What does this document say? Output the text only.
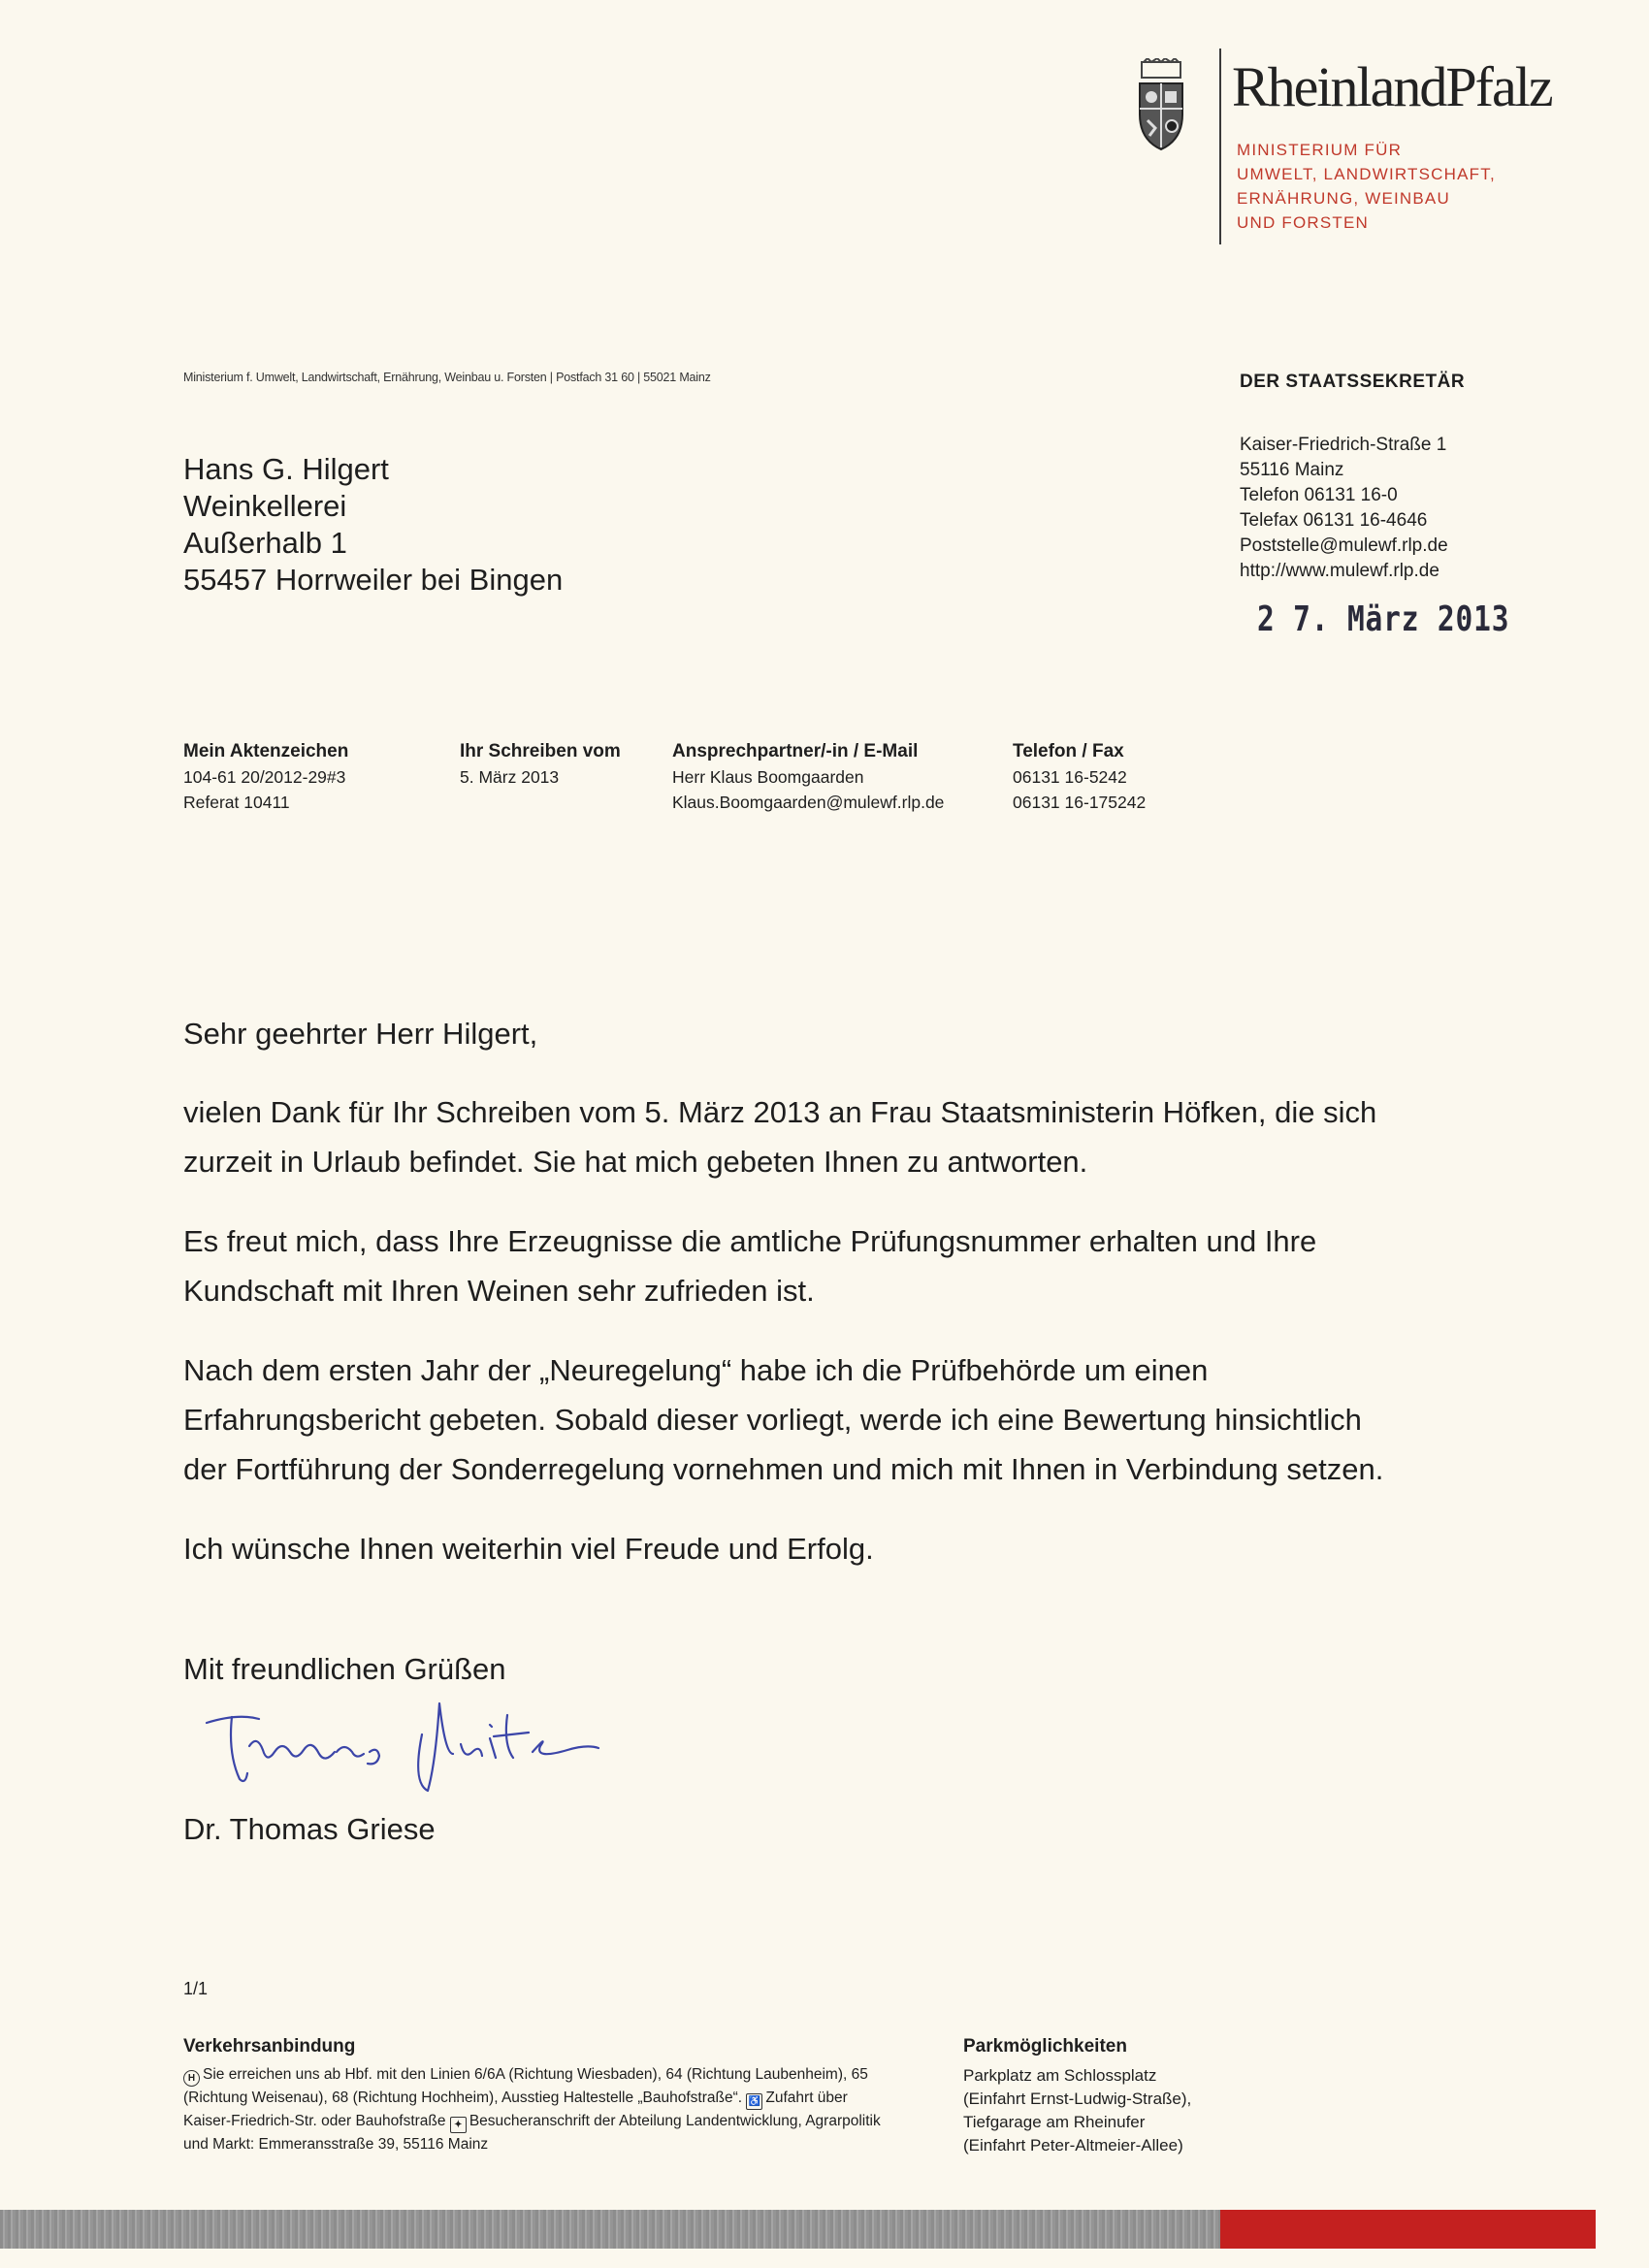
RheinlandPfalz
MINISTERIUM FÜR
UMWELT, LANDWIRTSCHAFT,
ERNÄHRUNG, WEINBAU
UND FORSTEN
Ministerium f. Umwelt, Landwirtschaft, Ernährung, Weinbau u. Forsten | Postfach 31 60 | 55021 Mainz	DER STAATSSEKRETÄR
Kaiser-Friedrich-Straße 1
55116 Mainz
Telefon 06131 16-0
Telefax 06131 16-4646
Poststelle@mulewf.rlp.de
http://www.mulewf.rlp.de
2 7. März 2013
Hans G. Hilgert
Weinkellerei
Außerhalb 1
55457 Horrweiler bei Bingen
Mein Aktenzeichen
104-61 20/2012-29#3
Referat 10411
Ihr Schreiben vom
5. März 2013
Ansprechpartner/-in / E-Mail
Herr Klaus Boomgaarden
Klaus.Boomgaarden@mulewf.rlp.de
Telefon / Fax
06131 16-5242
06131 16-175242

Sehr geehrter Herr Hilgert,

vielen Dank für Ihr Schreiben vom 5. März 2013 an Frau Staatsministerin Höfken, die sich zurzeit in Urlaub befindet. Sie hat mich gebeten Ihnen zu antworten.

Es freut mich, dass Ihre Erzeugnisse die amtliche Prüfungsnummer erhalten und Ihre Kundschaft mit Ihren Weinen sehr zufrieden ist.

Nach dem ersten Jahr der „Neuregelung“ habe ich die Prüfbehörde um einen Erfahrungsbericht gebeten. Sobald dieser vorliegt, werde ich eine Bewertung hinsichtlich der Fortführung der Sonderregelung vornehmen und mich mit Ihnen in Verbindung setzen.

Ich wünsche Ihnen weiterhin viel Freude und Erfolg.

Mit freundlichen Grüßen
Dr. Thomas Griese
1/1
Verkehrsanbindung
H Sie erreichen uns ab Hbf. mit den Linien 6/6A (Richtung Wiesbaden), 64 (Richtung Laubenheim), 65 (Richtung Weisenau), 68 (Richtung Hochheim), Ausstieg Haltestelle „Bauhofstraße“. ♿ Zufahrt über Kaiser-Friedrich-Str. oder Bauhofstraße ✦ Besucheranschrift der Abteilung Landentwicklung, Agrarpolitik und Markt: Emmeransstraße 39, 55116 Mainz
Parkmöglichkeiten
Parkplatz am Schlossplatz
(Einfahrt Ernst-Ludwig-Straße),
Tiefgarage am Rheinufer
(Einfahrt Peter-Altmeier-Allee)
